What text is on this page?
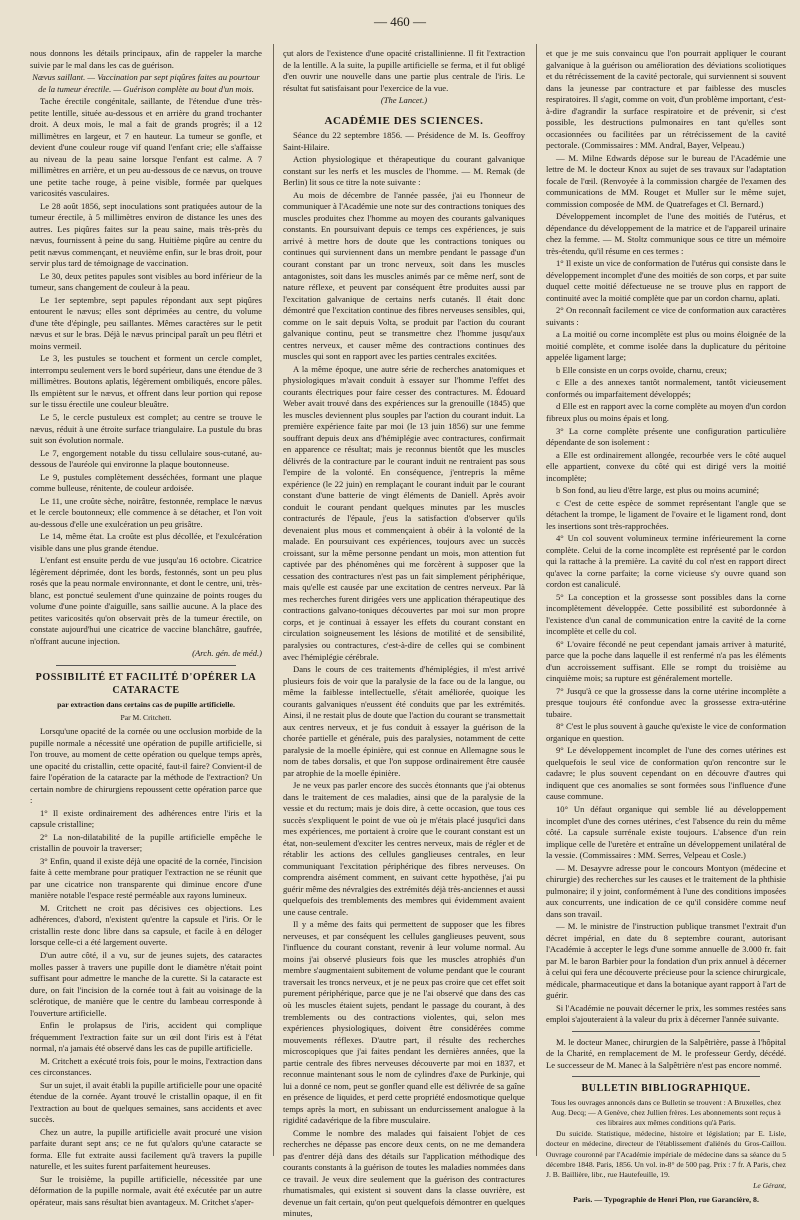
— 460 —

nous donnons les détails principaux, afin de rappeler la marche suivie par le mal dans les cas de guérison.

Nævus saillant. — Vaccination par sept piqûres faites au pourtour de la tumeur érectile. — Guérison complète au bout d'un mois.

Tache érectile congénitale, saillante, de l'étendue d'une très-petite lentille, située au-dessous et en arrière du grand trochanter droit. A deux mois, le mal a fait de grands progrès; il a 12 millimètres en largeur, et 7 en hauteur. La tumeur se gonfle, et devient d'une couleur rouge vif quand l'enfant crie; elle s'affaisse au niveau de la peau saine lorsque l'enfant est calme. A 7 millimètres en arrière, et un peu au-dessous de ce nævus, on trouve une petite tache rouge, à peine visible, formée par quelques varicosités vasculaires.

Le 28 août 1856, sept inoculations sont pratiquées autour de la tumeur érectile, à 5 millimètres environ de distance les unes des autres. Les piqûres faites sur la peau saine, mais très-près du nævus, fournissent à peine du sang. Huitième piqûre au centre du petit nævus commençant, et neuvième enfin, sur le bras droit, pour servir plus tard de témoignage de vaccination.

Le 30, deux petites papules sont visibles au bord inférieur de la tumeur, sans changement de couleur à la peau.

Le 1er septembre, sept papules répondant aux sept piqûres entourent le nævus; elles sont déprimées au centre, du volume d'une tête d'épingle, peu saillantes. Mêmes caractères sur le petit nævus et sur le bras. Déjà le nævus principal paraît un peu flétri et moins vermeil.

Le 3, les pustules se touchent et forment un cercle complet, interrompu seulement vers le bord supérieur, dans une étendue de 3 millimètres. Boutons aplatis, légèrement ombiliqués, encore pâles. Ils empiètent sur le nævus, et offrent dans leur portion qui repose sur le tissu érectile une couleur bleuâtre.

Le 5, le cercle pustuleux est complet; au centre se trouve le nævus, réduit à une étroite surface triangulaire. La pustule du bras suit son évolution normale.

Le 7, engorgement notable du tissu cellulaire sous-cutané, au-dessous de l'auréole qui environne la plaque boutonneuse.

Le 9, pustules complètement desséchées, formant une plaque comme bulleuse, rénitente, de couleur ardoisée.

Le 11, une croûte sèche, noirâtre, festonnée, remplace le nævus et le cercle boutonneux; elle commence à se détacher, et l'on voit au-dessous d'elle une exulcération un peu grisâtre.

Le 14, même état. La croûte est plus décollée, et l'exulcération visible dans une plus grande étendue.

L'enfant est ensuite perdu de vue jusqu'au 16 octobre. Cicatrice légèrement déprimée, dont les bords, festonnés, sont un peu plus rosés que la peau normale environnante, et dont le centre, uni, très-blanc, est ponctué seulement d'une quinzaine de points rouges du volume d'une pointe d'aiguille, sans saillie aucune. A la place des petites varicosités qu'on observait près de la tumeur érectile, on constate aujourd'hui une cicatrice de vaccine blanchâtre, gaufrée, n'offrant aucune injection.

(Arch. gén. de méd.)

POSSIBILITÉ ET FACILITÉ D'OPÉRER LA CATARACTE
par extraction dans certains cas de pupille artificielle.
Par M. Critchett.

Lorsqu'une opacité de la cornée ou une occlusion morbide de la pupille normale a nécessité une opération de pupille artificielle, si l'on trouve, au moment de cette opération ou quelque temps après, une opacité du cristallin, cette opacité, faut-il faire? Convient-il de faire l'opération de la cataracte par la méthode de l'extraction? Un certain nombre de chirurgiens repoussent cette opération parce que :

1° Il existe ordinairement des adhérences entre l'iris et la capsule cristalline;

2° La non-dilatabilité de la pupille artificielle empêche le cristallin de pouvoir la traverser;

3° Enfin, quand il existe déjà une opacité de la cornée, l'incision faite à cette membrane pour pratiquer l'extraction ne se réunit que par une cicatrice non transparente qui diminue encore d'une manière notable l'espace resté perméable aux rayons lumineux.

M. Critchett ne croit pas décisives ces objections. Les adhérences, d'abord, n'existent qu'entre la capsule et l'iris. Or le cristallin reste donc libre dans sa capsule, et facile à en déloger lorsque celle-ci a été largement ouverte.

D'un autre côté, il a vu, sur de jeunes sujets, des cataractes molles passer à travers une pupille dont le diamètre n'était point suffisant pour admettre le manche de la curette. Si la cataracte est dure, on fait l'incision de la cornée tout à fait au voisinage de la sclérotique, de manière que le centre du lambeau corresponde à l'ouverture artificielle.

Enfin le prolapsus de l'iris, accident qui complique fréquemment l'extraction faite sur un œil dont l'iris est à l'état normal, n'a jamais été observé dans les cas de pupille artificielle.

M. Critchett a exécuté trois fois, pour le moins, l'extraction dans ces circonstances.

Sur un sujet, il avait établi la pupille artificielle pour une opacité étendue de la cornée. Ayant trouvé le cristallin opaque, il en fit l'extraction au bout de quelques semaines, sans accidents et avec succès.

Chez un autre, la pupille artificielle avait procuré une vision parfaite durant sept ans; ce ne fut qu'alors qu'une cataracte se forma. Elle fut extraite aussi facilement qu'à travers la pupille naturelle, et les suites furent parfaitement heureuses.

Sur le troisième, la pupille artificielle, nécessitée par une déformation de la pupille normale, avait été exécutée par un autre opérateur, mais sans résultat bien avantageux. M. Critchet s'aper-

çut alors de l'existence d'une opacité cristallinienne. Il fit l'extraction de la lentille. A la suite, la pupille artificielle se ferma, et il fut obligé d'en ouvrir une nouvelle dans une partie plus centrale de l'iris. Le résultat fut satisfaisant pour l'exercice de la vue.

(The Lancet.)

ACADÉMIE DES SCIENCES.

Séance du 22 septembre 1856. — Présidence de M. Is. Geoffroy Saint-Hilaire.

Action physiologique et thérapeutique du courant galvanique constant sur les nerfs et les muscles de l'homme. — M. Remak (de Berlin) lit sous ce titre la note suivante :

Au mois de décembre de l'année passée, j'ai eu l'honneur de communiquer à l'Académie une note sur des contractions toniques des muscles produites chez l'homme au moyen des courants galvaniques constants. En poursuivant depuis ce temps ces expériences, je suis arrivé à mettre hors de doute que les contractions toniques ou continues qui surviennent dans un membre pendant le passage d'un courant constant par un tronc nerveux, soit dans les muscles antagonistes, soit dans les muscles animés par ce même nerf, sont de nature réflexe, et peuvent par conséquent être produites aussi par l'excitation galvanique de certains nerfs cutanés. Il était donc démontré que l'excitation continue des fibres nerveuses sensibles, qui, comme on le sait depuis Volta, se produit par l'action du courant galvanique continu, peut se transmettre chez l'homme jusqu'aux centres nerveux, et causer même des contractions continues des muscles qui sont en rapport avec les parties centrales excitées.

A la même époque, une autre série de recherches anatomiques et physiologiques m'avait conduit à essayer sur l'homme l'effet des courants électriques pour faire cesser des contractures. M. Édouard Weber avait trouvé dans des expériences sur la grenouille (1845) que les muscles deviennent plus souples par l'action du courant induit. La première expérience faite par moi (le 13 juin 1856) sur une femme souffrant depuis deux ans d'hémiplégie avec contractures, confirmait en apparence ce résultat; mais je reconnus bientôt que les muscles délivrés de la contracture par le courant induit ne rentraient pas sous l'empire de la volonté. En conséquence, j'entrepris la même expérience (le 22 juin) en remplaçant le courant induit par le courant constant d'une batterie de vingt éléments de Daniell. Après avoir conduit le courant pendant quelques minutes par les muscles contracturés de l'épaule, j'eus la satisfaction d'observer qu'ils devenaient plus mous et commençaient à obéir à la volonté de la malade. En poursuivant ces expériences, toujours avec un succès croissant, sur la même personne pendant un mois, mon attention fut captivée par des phénomènes qui me forcèrent à supposer que la cessation des contractures n'est pas un fait simplement périphérique, mais qu'elle est causée par une excitation de centres nerveux. Par là mes recherches furent dirigées vers une application thérapeutique des contractions galvano-toniques découvertes par moi sur mon propre corps, et je continuai à essayer les effets du courant constant en circulation soigneusement les lésions de motilité et de sensibilité, paralysies ou contractures, c'est-à-dire de celles qui se combinent avec l'hémiplégie cérébrale.

Dans le cours de ces traitements d'hémiplégies, il m'est arrivé plusieurs fois de voir que la paralysie de la face ou de la langue, ou même la faiblesse intellectuelle, s'était améliorée, quoique les courants galvaniques n'eussent été conduits que par les extrémités. Ainsi, il ne restait plus de doute que l'action du courant se transmettait aux centres nerveux, et je fus conduit à essayer la guérison de la chorée partielle et générale, puis des paralysies, notamment de cette paralysie de la moelle épinière, qui est connue en Allemagne sous le nom de tabes dorsalis, et que l'on suppose ordinairement être causée par atrophie de la moelle épinière.

Je ne veux pas parler encore des succès étonnants que j'ai obtenus dans le traitement de ces maladies, ainsi que de la paralysie de la vessie et du rectum; mais je dois dire, à cette occasion, que tous ces succès s'expliquent le point de vue où je m'étais placé jusqu'ici dans mes expériences, me portaient à croire que le courant constant est un état, non-seulement d'exciter les centres nerveux, mais de régler et de rétablir les actions des cellules ganglieuses centrales, en leur communiquant l'excitation périphérique des fibres nerveuses. On comprendra aisément comment, en suivant cette hypothèse, j'ai pu guérir même des névralgies des extrémités déjà très-anciennes et aussi quelquefois des tremblements des membres qui évidemment avaient une cause centrale.

Il y a même des faits qui permettent de supposer que les fibres nerveuses, et par conséquent les cellules ganglieuses peuvent, sous l'influence du courant constant, revenir à leur volume normal. Au moins j'ai observé plusieurs fois que les muscles atrophiés d'un membre s'augmentaient subitement de volume pendant que le courant traversait les troncs nerveux, et je ne peux pas croire que cet effet soit purement périphérique, parce que je ne l'ai observé que dans des cas où les muscles étaient sujets, pendant le passage du courant, à des tremblements ou des contractions violentes, qui, selon mes expériences physiologiques, doivent être considérées comme mouvements réflexes. D'autre part, il résulte des recherches microscopiques que j'ai faites pendant les dernières années, que la partie centrale des fibres nerveuses découverte par moi en 1837, et reconnue maintenant sous le nom de cylindres d'axe de Purkinje, qui lui a donné ce nom, peut se gonfler quand elle est délivrée de sa gaîne en présence de liquides, et perd cette propriété endosmotique quelque temps après la mort, en subissant un endurcissement analogue à la rigidité cadavérique de la fibre musculaire.

Comme le nombre des malades qui faisaient l'objet de ces recherches ne dépasse pas encore deux cents, on ne me demandera pas d'entrer déjà dans des détails sur l'application méthodique des courants constants à la guérison de toutes les maladies nommées dans ce travail. Je veux dire seulement que la guérison des contractures rhumatismales, qui existent si souvent dans la classe ouvrière, est devenue un fait certain, qu'on peut quelquefois démontrer en quelques minutes,

et que je me suis convaincu que l'on pourrait appliquer le courant galvanique à la guérison ou amélioration des déviations scoliotiques et du rétrécissement de la cavité pectorale, qui surviennent si souvent dans la jeunesse par contracture et par faiblesse des muscles respiratoires. Il s'agit, comme on voit, d'un problème important, c'est-à-dire d'agrandir la surface respiratoire et de prévenir, si c'est possible, les destructions pulmonaires en tant qu'elles sont occasionnées ou facilitées par un rétrécissement de la cavité pectorale. (Commissaires : MM. Andral, Bayer, Velpeau.)

— M. Milne Edwards dépose sur le bureau de l'Académie une lettre de M. le docteur Knox au sujet de ses travaux sur l'adaptation focale de l'œil. (Renvoyée à la commission chargée de l'examen des communications de MM. Rouget et Muller sur le même sujet, commission composée de MM. de Quatrefages et Cl. Bernard.)

Développement incomplet de l'une des moitiés de l'utérus, et dépendance du développement de la matrice et de l'appareil urinaire chez la femme. — M. Stoltz communique sous ce titre un mémoire très-étendu, qu'il résume en ces termes :

1° Il existe un vice de conformation de l'utérus qui consiste dans le développement incomplet d'une des moitiés de son corps, et par suite duquel cette moitié défectueuse ne se trouve plus en rapport de continuité avec la moitié complète que par un cordon charnu, aplati.

2° On reconnaît facilement ce vice de conformation aux caractères suivants :

a La moitié ou corne incomplète est plus ou moins éloignée de la moitié complète, et comme isolée dans la duplicature du péritoine appelée ligament large;

b Elle consiste en un corps ovoïde, charnu, creux;

c Elle a des annexes tantôt normalement, tantôt vicieusement conformés ou imparfaitement développés;

d Elle est en rapport avec la corne complète au moyen d'un cordon fibreux plus ou moins épais et long.

3° La corne complète présente une configuration particulière dépendante de son isolement :

a Elle est ordinairement allongée, recourbée vers le côté auquel elle appartient, convexe du côté qui est dirigé vers la moitié incomplète;

b Son fond, au lieu d'être large, est plus ou moins acuminé;

c C'est de cette espèce de sommet représentant l'angle que se détachent la trompe, le ligament de l'ovaire et le ligament rond, dont les insertions sont très-rapprochées.

4° Un col souvent volumineux termine inférieurement la corne complète. Celui de la corne incomplète est représenté par le cordon qui la rattache à la première. La cavité du col n'est en rapport direct qu'avec la corne parfaite; la corne vicieuse s'y ouvre quand son cordon est canaliculé.

5° La conception et la grossesse sont possibles dans la corne incomplètement développée. Cette possibilité est subordonnée à l'existence d'un canal de communication entre la cavité de la corne incomplète et celle du col.

6° L'ovaire fécondé ne peut cependant jamais arriver à maturité, parce que la poche dans laquelle il est renfermé n'a pas les éléments d'un accroissement suffisant. Elle se rompt du troisième au cinquième mois; sa rupture est généralement mortelle.

7° Jusqu'à ce que la grossesse dans la corne utérine incomplète a presque toujours été confondue avec la grossesse extra-utérine tubaire.

8° C'est le plus souvent à gauche qu'existe le vice de conformation organique en question.

9° Le développement incomplet de l'une des cornes utérines est quelquefois le seul vice de conformation qu'on rencontre sur le cadavre; le plus souvent cependant on en découvre d'autres qui indiquent que ces anomalies se sont formées sous l'influence d'une cause commune.

10° Un défaut organique qui semble lié au développement incomplet d'une des cornes utérines, c'est l'absence du rein du même côté. La capsule surrénale existe toujours. L'absence d'un rein implique celle de l'uretère et entraîne un développement unilatéral de la vessie. (Commissaires : MM. Serres, Velpeau et Cosle.)

— M. Desayvre adresse pour le concours Montyon (médecine et chirurgie) des recherches sur les causes et le traitement de la phthisie pulmonaire; il y joint, conformément à l'une des conditions imposées aux concurrents, une indication de ce qu'il considère comme neuf dans son travail.

— M. le ministre de l'instruction publique transmet l'extrait d'un décret impérial, en date du 8 septembre courant, autorisant l'Académie à accepter le legs d'une somme annuelle de 3.000 fr. fait par M. le baron Barbier pour la fondation d'un prix annuel à décerner à celui qui fera une découverte précieuse pour la science chirurgicale, médicale, pharmaceutique et dans la botanique ayant rapport à l'art de guérir.

Si l'Académie ne pouvait décerner le prix, les sommes restées sans emploi s'ajouteraient à la valeur du prix à décerner l'année suivante.

M. le docteur Manec, chirurgien de la Salpêtrière, passe à l'hôpital de la Charité, en remplacement de M. le professeur Gerdy, décédé. Le successeur de M. Manec à la Salpêtrière n'est pas encore nommé.

BULLETIN BIBLIOGRAPHIQUE.

Tous les ouvrages annoncés dans ce Bulletin se trouvent : A Bruxelles, chez Aug. Decq; — A Genève, chez Jullien frères. Les abonnements sont reçus à ces libraires aux mêmes conditions qu'à Paris.

Du suicide. Statistique, médecine, histoire et législation; par E. Lisle, docteur en médecine, directeur de l'établissement d'aliénés du Gros-Caillou. Ouvrage couronné par l'Académie impériale de médecine dans sa séance du 5 décembre 1848. Paris, 1856. Un vol. in-8° de 500 pag. Prix : 7 fr. A Paris, chez J. B. Baillière, libr., rue Hautefeuille, 19.

Le Gérant,
Paris. — Typographie de Henri Plon, rue Garancière, 8.
